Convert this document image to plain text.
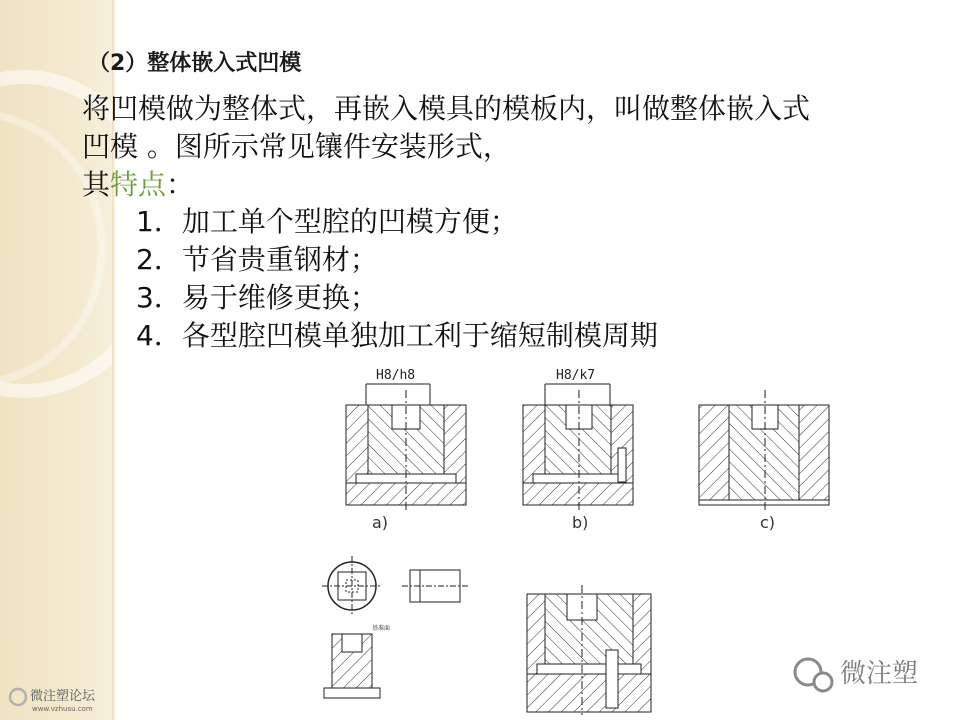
（2）整体嵌入式凹模
将凹模做为整体式，再嵌入模具的模板内，叫做整体嵌入式
凹模 。图所示常见镶件安装形式，
其特点：
1．加工单个型腔的凹模方便；
2．节省贵重钢材；
3．易于维修更换；
4．各型腔凹模单独加工利于缩短制模周期
H8/h8
a)
H8/k7
b)	c)
基准面
微注塑
微注塑论坛
www.vzhusu.com
